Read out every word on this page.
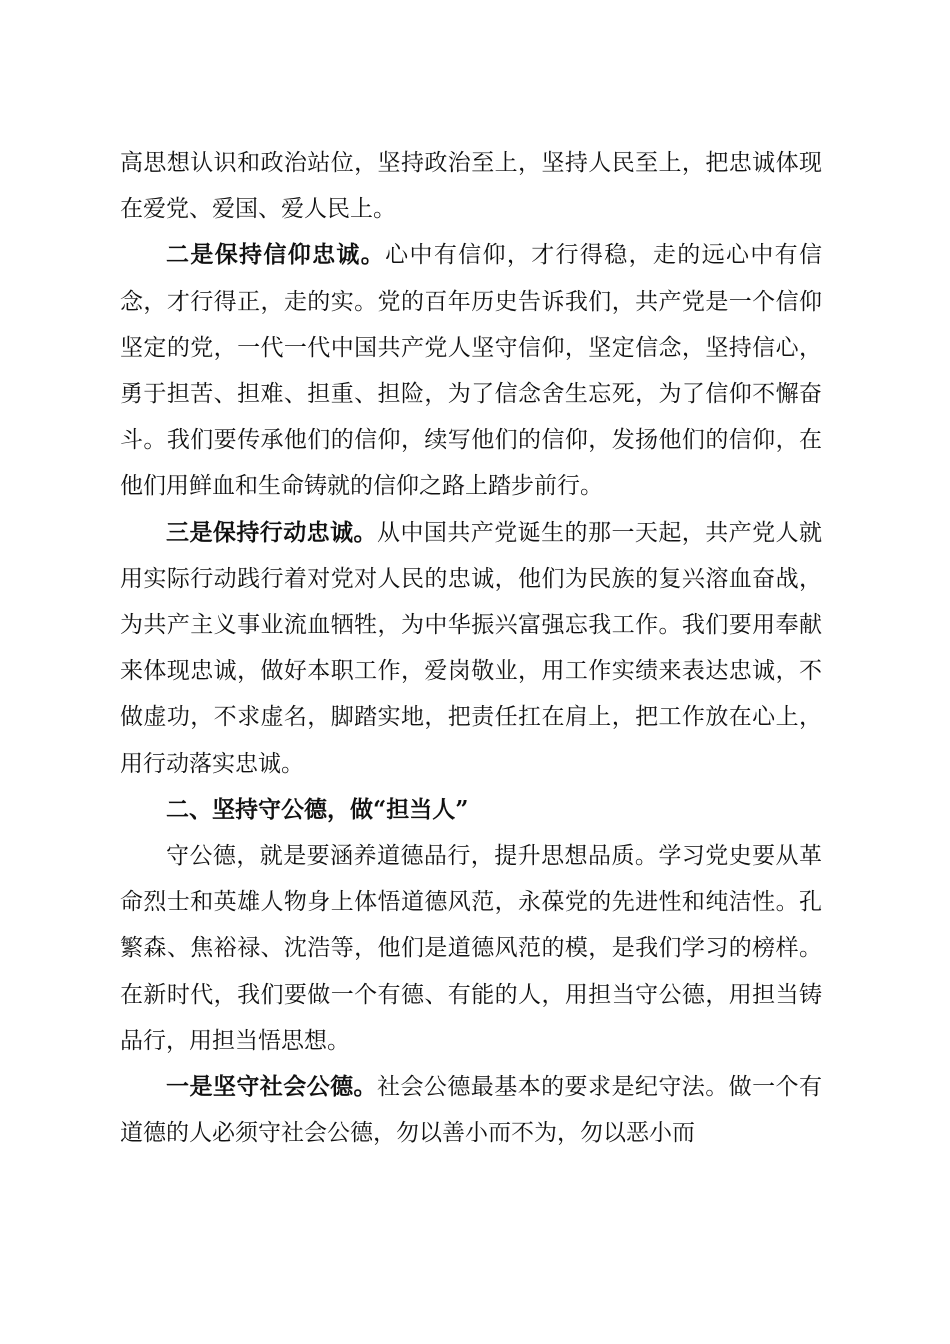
高思想认识和政治站位，坚持政治至上，坚持人民至上，把忠诚体现在爱党、爱国、爱人民上。

二是保持信仰忠诚。心中有信仰，才行得稳，走的远心中有信念，才行得正，走的实。党的百年历史告诉我们，共产党是一个信仰坚定的党，一代一代中国共产党人坚守信仰，坚定信念，坚持信心，勇于担苦、担难、担重、担险，为了信念舍生忘死，为了信仰不懈奋斗。我们要传承他们的信仰，续写他们的信仰，发扬他们的信仰，在他们用鲜血和生命铸就的信仰之路上踏步前行。

三是保持行动忠诚。从中国共产党诞生的那一天起，共产党人就用实际行动践行着对党对人民的忠诚，他们为民族的复兴溶血奋战，为共产主义事业流血牺牲，为中华振兴富强忘我工作。我们要用奉献来体现忠诚，做好本职工作，爱岗敬业，用工作实绩来表达忠诚，不做虚功，不求虚名，脚踏实地，把责任扛在肩上，把工作放在心上，用行动落实忠诚。

二、坚持守公德，做“担当人”

守公德，就是要涵养道德品行，提升思想品质。学习党史要从革命烈士和英雄人物身上体悟道德风范，永葆党的先进性和纯洁性。孔繁森、焦裕禄、沈浩等，他们是道德风范的模，是我们学习的榜样。在新时代，我们要做一个有德、有能的人，用担当守公德，用担当铸品行，用担当悟思想。

一是坚守社会公德。社会公德最基本的要求是纪守法。做一个有道德的人必须守社会公德，勿以善小而不为，勿以恶小而
